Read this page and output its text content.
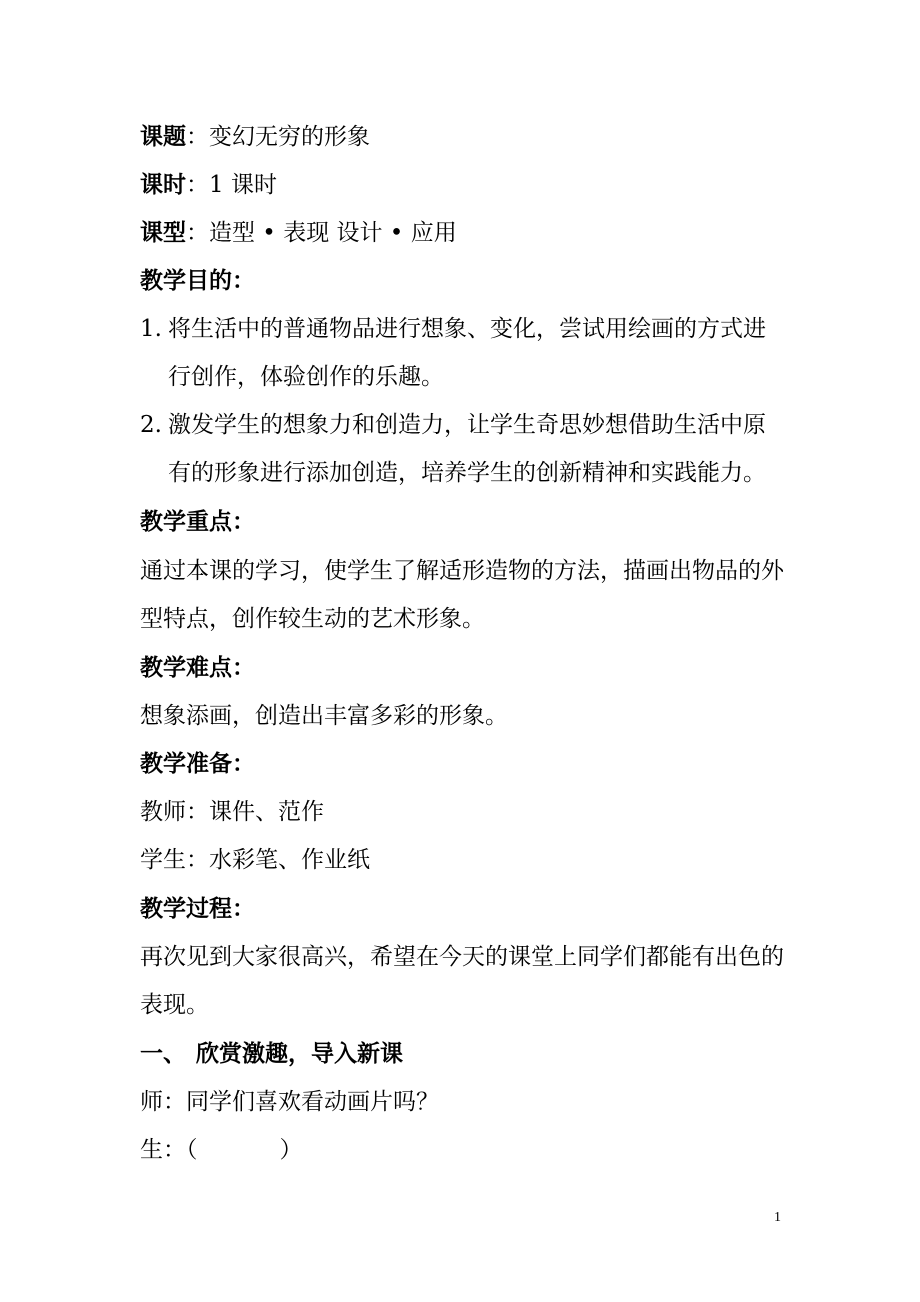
课题：变幻无穷的形象
课时：1 课时
课型：造型 • 表现 设计 • 应用
教学目的：
1. 将生活中的普通物品进行想象、变化，尝试用绘画的方式进
行创作，体验创作的乐趣。
2. 激发学生的想象力和创造力，让学生奇思妙想借助生活中原
有的形象进行添加创造，培养学生的创新精神和实践能力。
教学重点：
通过本课的学习，使学生了解适形造物的方法，描画出物品的外
型特点，创作较生动的艺术形象。
教学难点：
想象添画，创造出丰富多彩的形象。
教学准备：
教师：课件、范作
学生：水彩笔、作业纸
教学过程：
再次见到大家很高兴，希望在今天的课堂上同学们都能有出色的
表现。
一、 欣赏激趣，导入新课
师：同学们喜欢看动画片吗？
生：（	）
1
